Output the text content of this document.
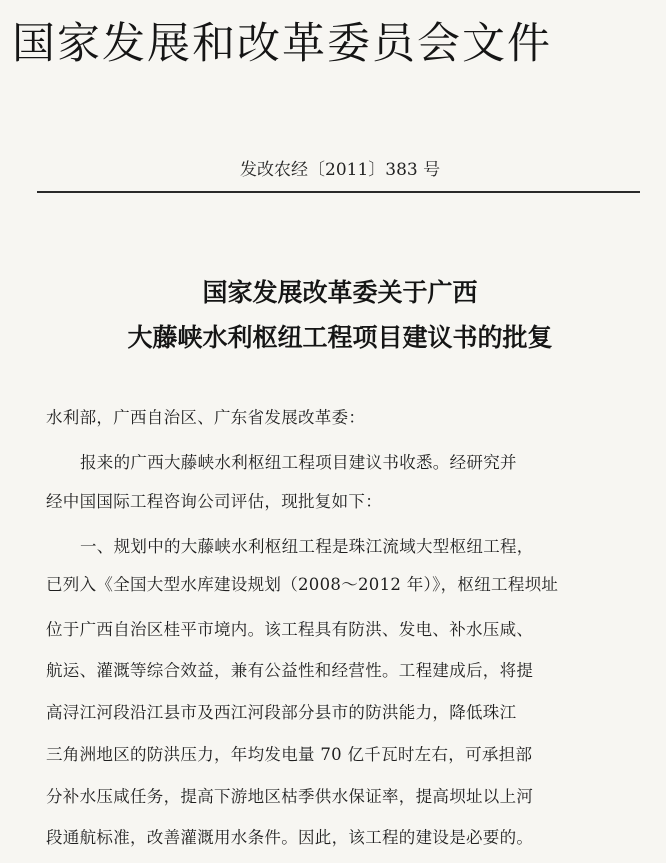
国家发展和改革委员会文件
发改农经〔2011〕383 号
国家发展改革委关于广西
大藤峡水利枢纽工程项目建议书的批复
水利部，广西自治区、广东省发展改革委：
报来的广西大藤峡水利枢纽工程项目建议书收悉。经研究并
经中国国际工程咨询公司评估，现批复如下：
一、规划中的大藤峡水利枢纽工程是珠江流域大型枢纽工程，
已列入《全国大型水库建设规划（2008～2012 年）》，枢纽工程坝址
位于广西自治区桂平市境内。该工程具有防洪、发电、补水压咸、
航运、灌溉等综合效益，兼有公益性和经营性。工程建成后，将提
高浔江河段沿江县市及西江河段部分县市的防洪能力，降低珠江
三角洲地区的防洪压力，年均发电量 70 亿千瓦时左右，可承担部
分补水压咸任务，提高下游地区枯季供水保证率，提高坝址以上河
段通航标准，改善灌溉用水条件。因此，该工程的建设是必要的。
